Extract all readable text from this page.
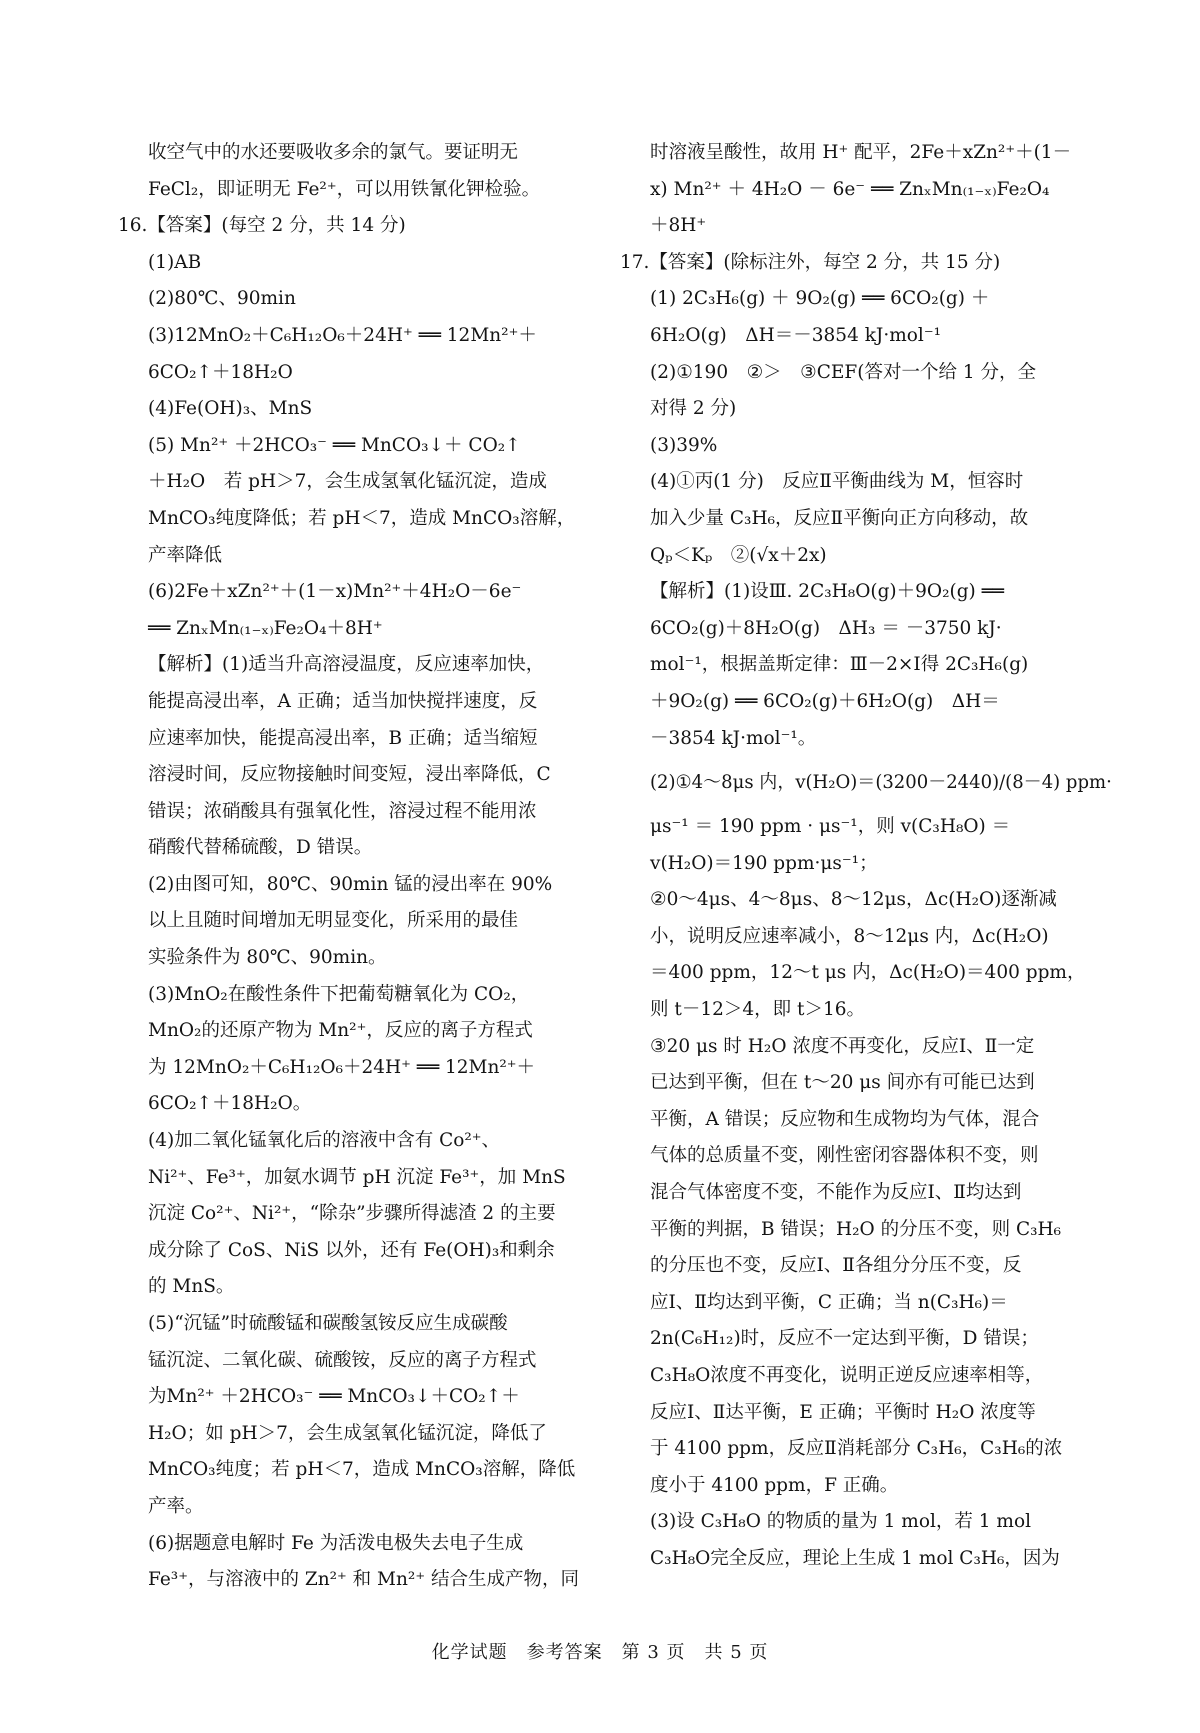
收空气中的水还要吸收多余的氯气。要证明无
FeCl₂，即证明无 Fe²⁺，可以用铁氰化钾检验。
16.【答案】(每空 2 分，共 14 分)
(1)AB
(2)80℃、90min
(3)12MnO₂＋C₆H₁₂O₆＋24H⁺ ══ 12Mn²⁺＋
6CO₂↑＋18H₂O
(4)Fe(OH)₃、MnS
(5) Mn²⁺ ＋2HCO₃⁻ ══ MnCO₃↓＋ CO₂↑
＋H₂O　若 pH＞7，会生成氢氧化锰沉淀，造成
MnCO₃纯度降低；若 pH＜7，造成 MnCO₃溶解，
产率降低
(6)2Fe＋xZn²⁺＋(1－x)Mn²⁺＋4H₂O－6e⁻
══ ZnₓMn₍₁₋ₓ₎Fe₂O₄＋8H⁺
【解析】(1)适当升高溶浸温度，反应速率加快，
能提高浸出率，A 正确；适当加快搅拌速度，反
应速率加快，能提高浸出率，B 正确；适当缩短
溶浸时间，反应物接触时间变短，浸出率降低，C
错误；浓硝酸具有强氧化性，溶浸过程不能用浓
硝酸代替稀硫酸，D 错误。
(2)由图可知，80℃、90min 锰的浸出率在 90%
以上且随时间增加无明显变化，所采用的最佳
实验条件为 80℃、90min。
(3)MnO₂在酸性条件下把葡萄糖氧化为 CO₂，
MnO₂的还原产物为 Mn²⁺，反应的离子方程式
为 12MnO₂＋C₆H₁₂O₆＋24H⁺ ══ 12Mn²⁺＋
6CO₂↑＋18H₂O。
(4)加二氧化锰氧化后的溶液中含有 Co²⁺、
Ni²⁺、Fe³⁺，加氨水调节 pH 沉淀 Fe³⁺，加 MnS
沉淀 Co²⁺、Ni²⁺，“除杂”步骤所得滤渣 2 的主要
成分除了 CoS、NiS 以外，还有 Fe(OH)₃和剩余
的 MnS。
(5)“沉锰”时硫酸锰和碳酸氢铵反应生成碳酸
锰沉淀、二氧化碳、硫酸铵，反应的离子方程式
为Mn²⁺ ＋2HCO₃⁻ ══ MnCO₃↓＋CO₂↑＋
H₂O；如 pH＞7，会生成氢氧化锰沉淀，降低了
MnCO₃纯度；若 pH＜7，造成 MnCO₃溶解，降低
产率。
(6)据题意电解时 Fe 为活泼电极失去电子生成
Fe³⁺，与溶液中的 Zn²⁺ 和 Mn²⁺ 结合生成产物，同
时溶液呈酸性，故用 H⁺ 配平，2Fe＋xZn²⁺＋(1－
x) Mn²⁺ ＋ 4H₂O － 6e⁻ ══ ZnₓMn₍₁₋ₓ₎Fe₂O₄
＋8H⁺
17.【答案】(除标注外，每空 2 分，共 15 分)
(1) 2C₃H₆(g) ＋ 9O₂(g) ══ 6CO₂(g) ＋
6H₂O(g)　ΔH＝－3854 kJ·mol⁻¹
(2)①190　②＞　③CEF(答对一个给 1 分，全
对得 2 分)
(3)39%
(4)①丙(1 分)　反应Ⅱ平衡曲线为 M，恒容时
加入少量 C₃H₆，反应Ⅱ平衡向正方向移动，故
Qₚ＜Kₚ　②(√x＋2x)
【解析】(1)设Ⅲ. 2C₃H₈O(g)＋9O₂(g) ══
6CO₂(g)＋8H₂O(g)　ΔH₃ ＝ －3750 kJ·
mol⁻¹，根据盖斯定律：Ⅲ－2×Ⅰ得 2C₃H₆(g)
＋9O₂(g) ══ 6CO₂(g)＋6H₂O(g)　ΔH＝
－3854 kJ·mol⁻¹。
(2)①4～8μs 内，v(H₂O)＝(3200－2440)/(8－4) ppm·
μs⁻¹ ＝ 190 ppm · μs⁻¹，则 v(C₃H₈O) ＝
v(H₂O)＝190 ppm·μs⁻¹；
②0～4μs、4～8μs、8～12μs，Δc(H₂O)逐渐减
小，说明反应速率减小，8～12μs 内，Δc(H₂O)
＝400 ppm，12～t μs 内，Δc(H₂O)＝400 ppm，
则 t－12＞4，即 t＞16。
③20 μs 时 H₂O 浓度不再变化，反应Ⅰ、Ⅱ一定
已达到平衡，但在 t～20 μs 间亦有可能已达到
平衡，A 错误；反应物和生成物均为气体，混合
气体的总质量不变，刚性密闭容器体积不变，则
混合气体密度不变，不能作为反应Ⅰ、Ⅱ均达到
平衡的判据，B 错误；H₂O 的分压不变，则 C₃H₆
的分压也不变，反应Ⅰ、Ⅱ各组分分压不变，反
应Ⅰ、Ⅱ均达到平衡，C 正确；当 n(C₃H₆)＝
2n(C₆H₁₂)时，反应不一定达到平衡，D 错误；
C₃H₈O浓度不再变化，说明正逆反应速率相等，
反应Ⅰ、Ⅱ达平衡，E 正确；平衡时 H₂O 浓度等
于 4100 ppm，反应Ⅱ消耗部分 C₃H₆，C₃H₆的浓
度小于 4100 ppm，F 正确。
(3)设 C₃H₈O 的物质的量为 1 mol，若 1 mol
C₃H₈O完全反应，理论上生成 1 mol C₃H₆，因为
化学试题　参考答案　第 3 页　共 5 页
